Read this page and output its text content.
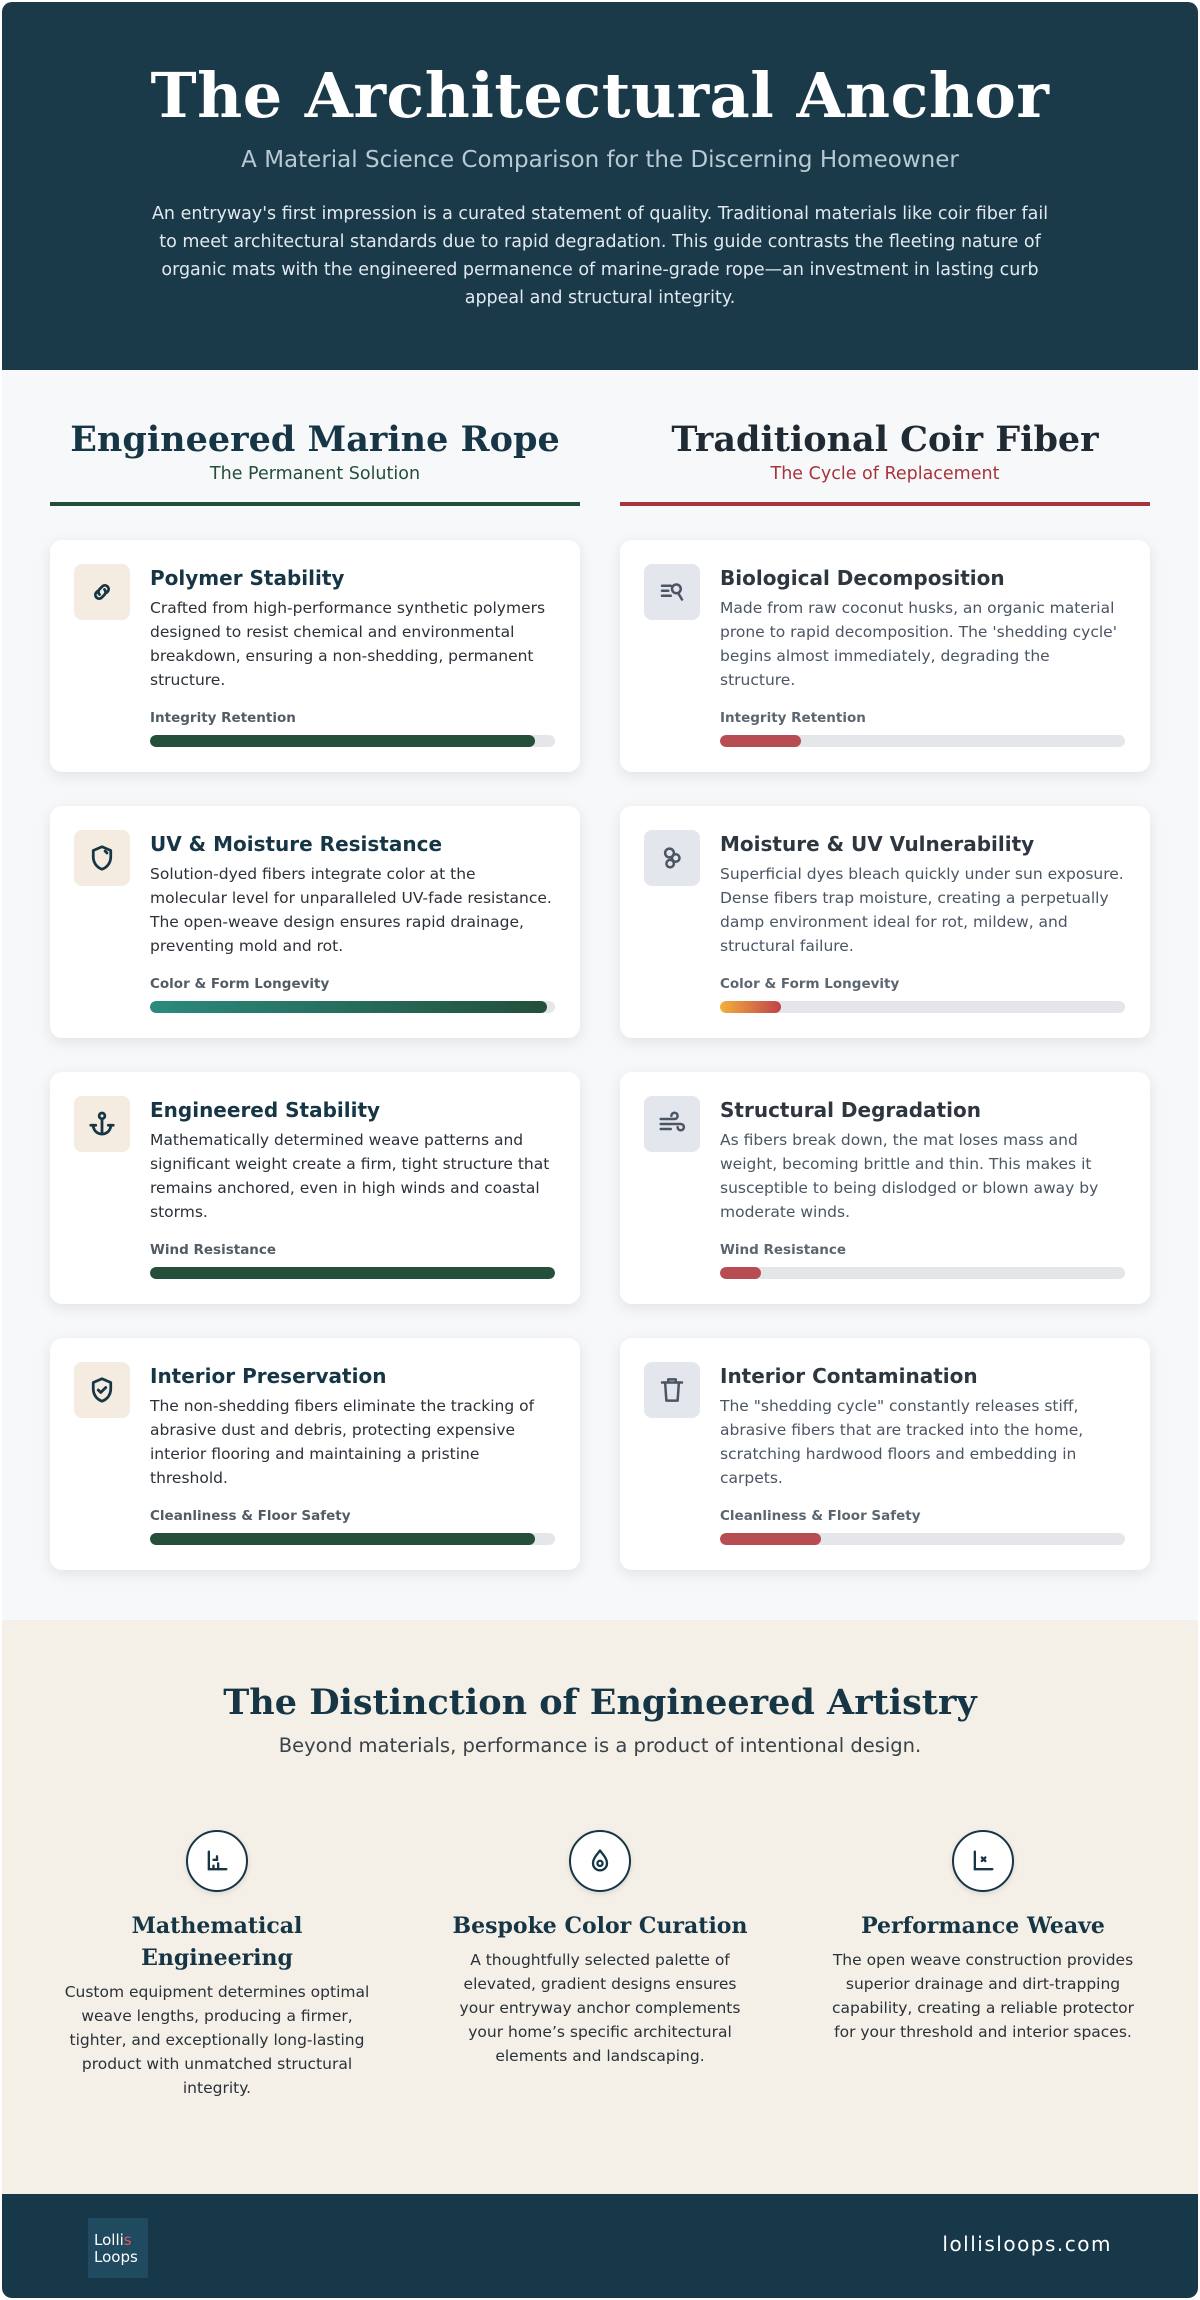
The Architectural Anchor
A Material Science Comparison for the Discerning Homeowner

An entryway's first impression is a curated statement of quality. Traditional materials like coir fiber fail to meet architectural standards due to rapid degradation. This guide contrasts the fleeting nature of organic mats with the engineered permanence of marine-grade rope—an investment in lasting curb appeal and structural integrity.

Engineered Marine Rope
The Permanent Solution
Traditional Coir Fiber
The Cycle of Replacement
Polymer Stability

Crafted from high-performance synthetic polymers designed to resist chemical and environmental breakdown, ensuring a non-shedding, permanent structure.

Integrity Retention
UV & Moisture Resistance

Solution-dyed fibers integrate color at the molecular level for unparalleled UV-fade resistance. The open-weave design ensures rapid drainage, preventing mold and rot.

Color & Form Longevity
Engineered Stability

Mathematically determined weave patterns and significant weight create a firm, tight structure that remains anchored, even in high winds and coastal storms.

Wind Resistance
Interior Preservation

The non-shedding fibers eliminate the tracking of abrasive dust and debris, protecting expensive interior flooring and maintaining a pristine threshold.

Cleanliness & Floor Safety
Biological Decomposition

Made from raw coconut husks, an organic material prone to rapid decomposition. The 'shedding cycle' begins almost immediately, degrading the structure.

Integrity Retention
Moisture & UV Vulnerability

Superficial dyes bleach quickly under sun exposure. Dense fibers trap moisture, creating a perpetually damp environment ideal for rot, mildew, and structural failure.

Color & Form Longevity
Structural Degradation

As fibers break down, the mat loses mass and weight, becoming brittle and thin. This makes it susceptible to being dislodged or blown away by moderate winds.

Wind Resistance
Interior Contamination

The "shedding cycle" constantly releases stiff, abrasive fibers that are tracked into the home, scratching hardwood floors and embedding in carpets.

Cleanliness & Floor Safety
The Distinction of Engineered Artistry
Beyond materials, performance is a product of intentional design.
Mathematical Engineering

Custom equipment determines optimal weave lengths, producing a firmer, tighter, and exceptionally long-lasting product with unmatched structural integrity.

Bespoke Color Curation

A thoughtfully selected palette of elevated, gradient designs ensures your entryway anchor complements your home’s specific architectural elements and landscaping.

Performance Weave

The open weave construction provides superior drainage and dirt-trapping capability, creating a reliable protector for your threshold and interior spaces.

Lollis
Loops
lollisloops.com
